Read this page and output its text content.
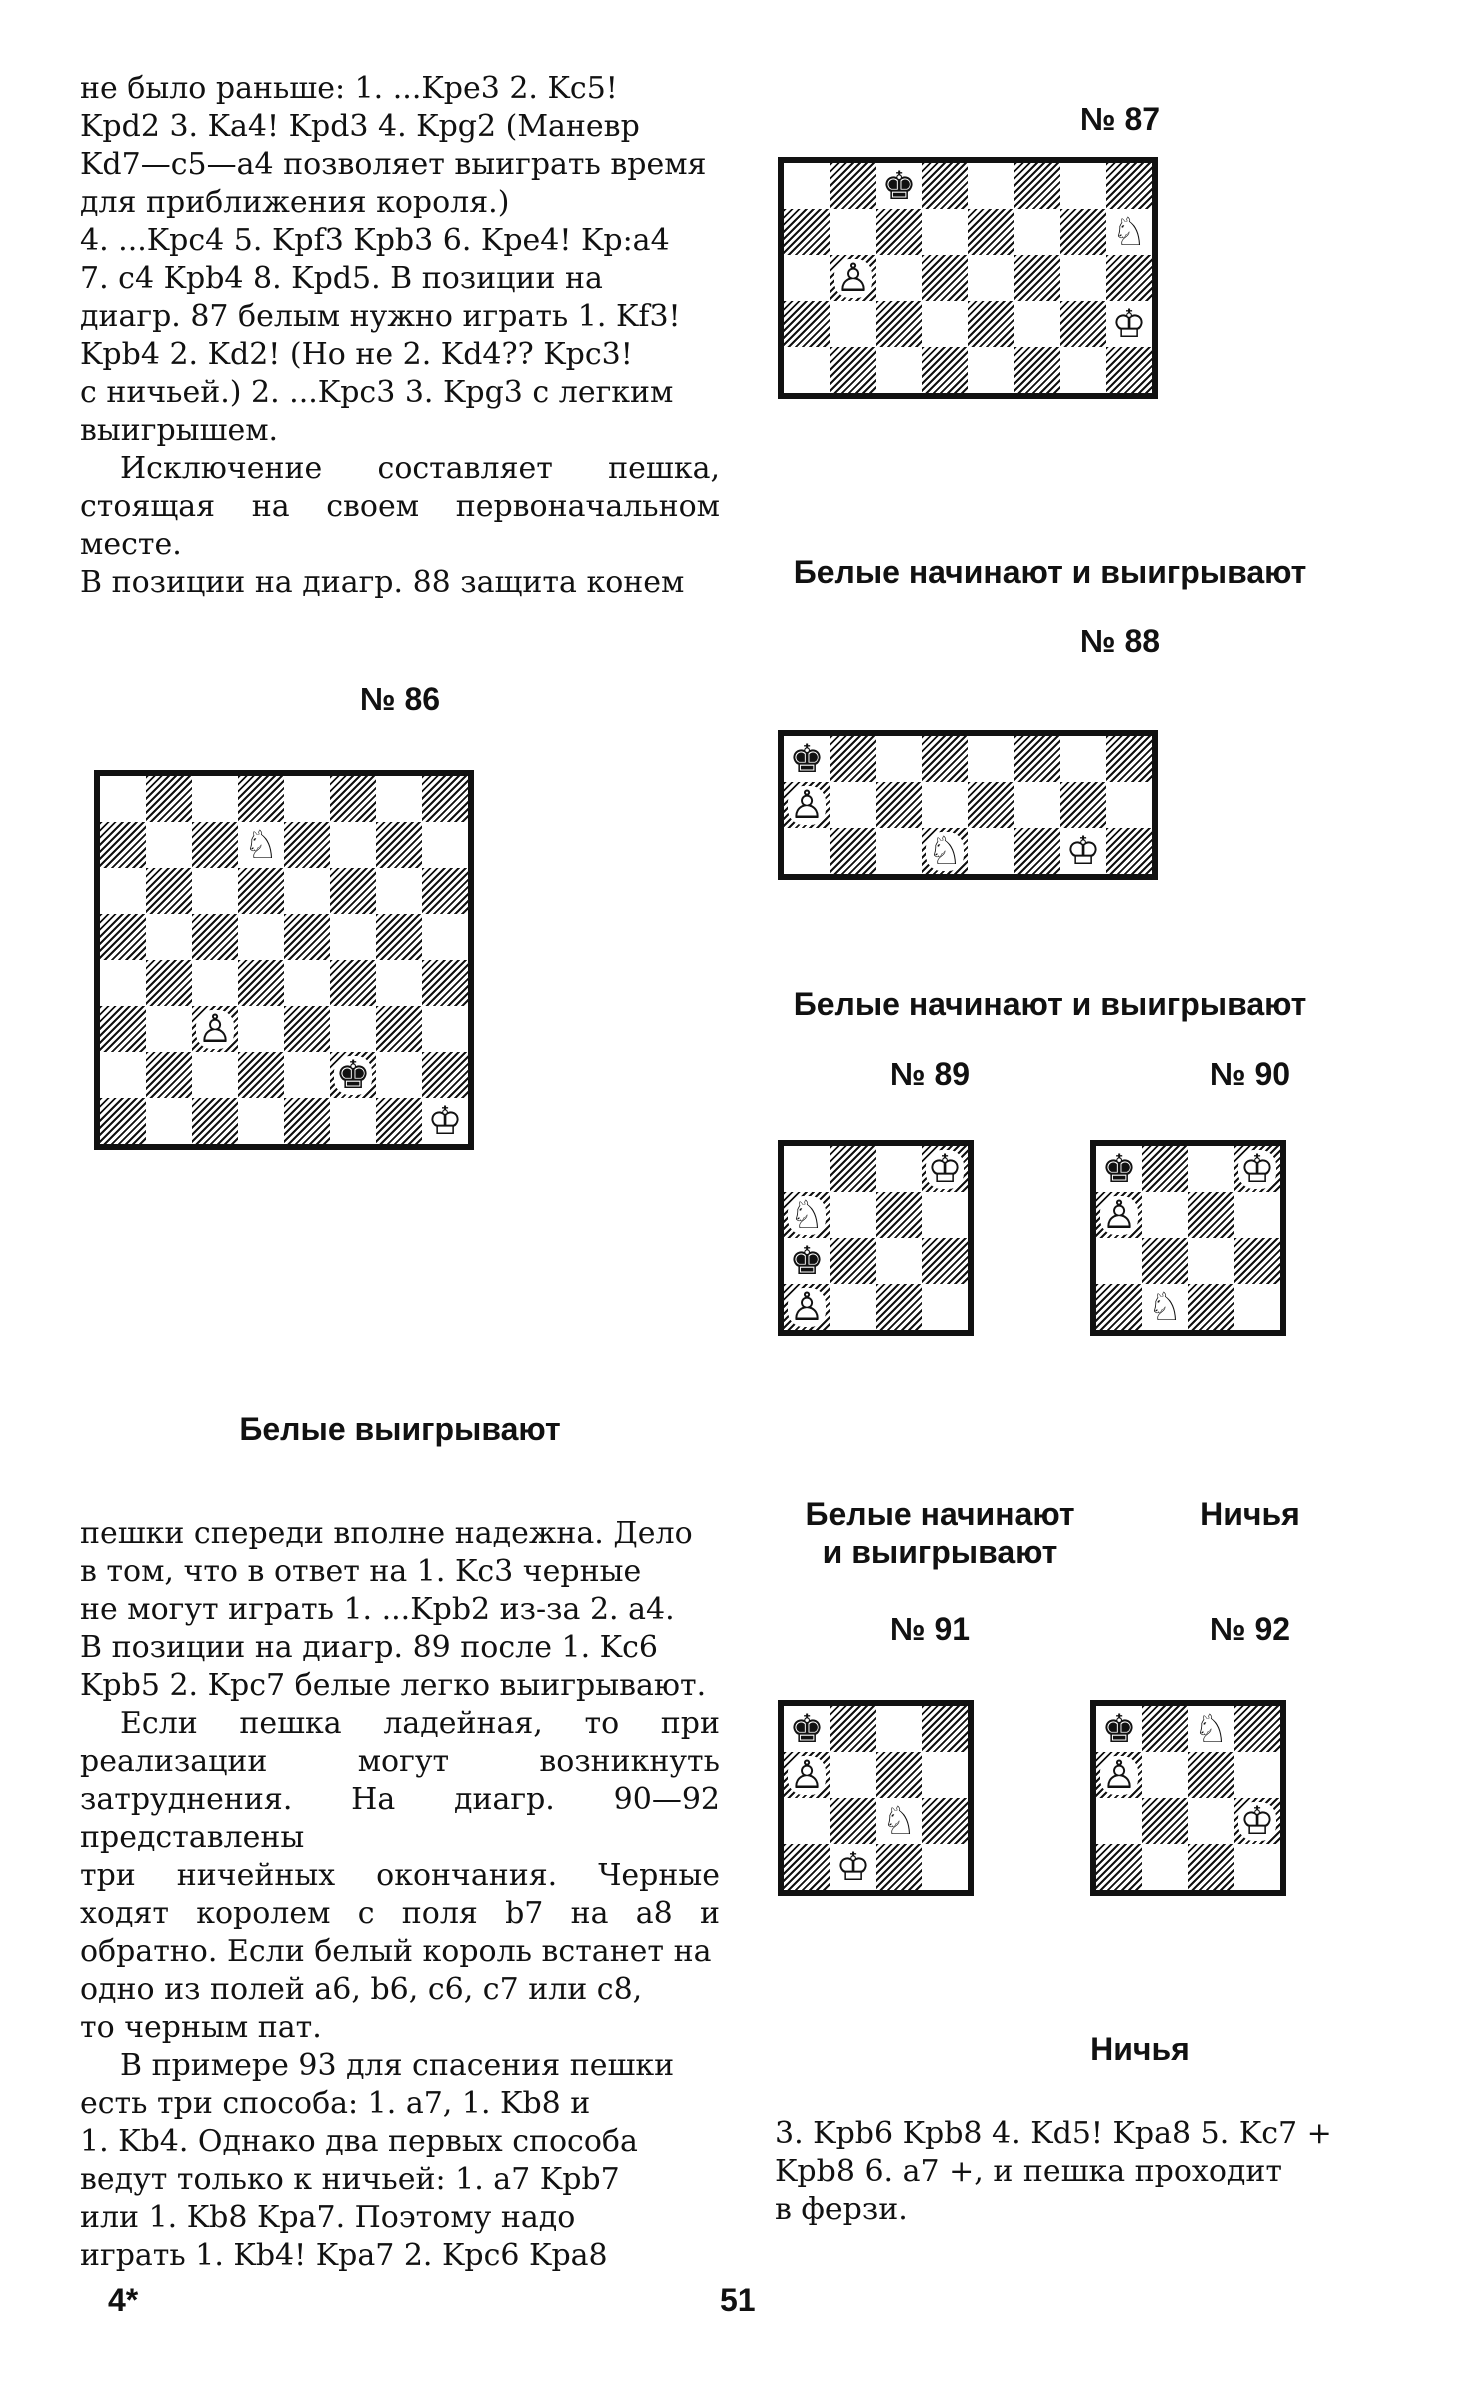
не было раньше: 1. ...Kpe3 2. Kc5!
Kpd2 3. Ka4! Kpd3 4. Kpg2 (Маневр
Kd7—c5—a4 позволяет выиграть время
для приближения короля.)
4. ...Kpc4 5. Kpf3 Kpb3 6. Kpe4! Kp:a4
7. c4 Kpb4 8. Kpd5. В позиции на
диагр. 87 белым нужно играть 1. Kf3!
Kpb4 2. Kd2! (Но не 2. Kd4?? Kpc3!
с ничьей.) 2. ...Kpc3 3. Kpg3 с легким
выигрышем.

Исключение составляет пешка, стоящая на своем первоначальном месте.
В позиции на диагр. 88 защита конем

№ 86
♘
♙
♚
♔
Белые выигрывают

пешки спереди вполне надежна. Дело
в том, что в ответ на 1. Kc3 черные
не могут играть 1. ...Kpb2 из-за 2. a4.
В позиции на диагр. 89 после 1. Kc6
Kpb5 2. Kpc7 белые легко выигрывают.

Если пешка ладейная, то при реализации могут возникнуть затруднения. На диагр. 90—92 представлены
три ничейных окончания. Черные ходят королем с поля b7 на a8 и обратно. Если белый король встанет на
одно из полей a6, b6, c6, c7 или c8,
то черным пат.

В примере 93 для спасения пешки
есть три способа: 1. a7, 1. Kb8 и
1. Kb4. Однако два первых способа
ведут только к ничьей: 1. a7 Kpb7
или 1. Kb8 Kpa7. Поэтому надо
играть 1. Kb4! Kpa7 2. Kpc6 Kpa8

№ 87
♚
♘
♙
♔
Белые начинают и выигрывают
№ 88
♚
♙
♘	♔
Белые начинают и выигрывают
№ 89	№ 90
♔
♘
♚
♙
♚	♔
♙
♘
Белые начинают
и выигрывают
Ничья
№ 91	№ 92
♚
♙
♘
♔
♚ ♘
♙
♔
Ничья

3. Kpb6 Kpb8 4. Kd5! Kpa8 5. Kc7 +
Kpb8 6. a7 +, и пешка проходит
в ферзи.

4*	51
